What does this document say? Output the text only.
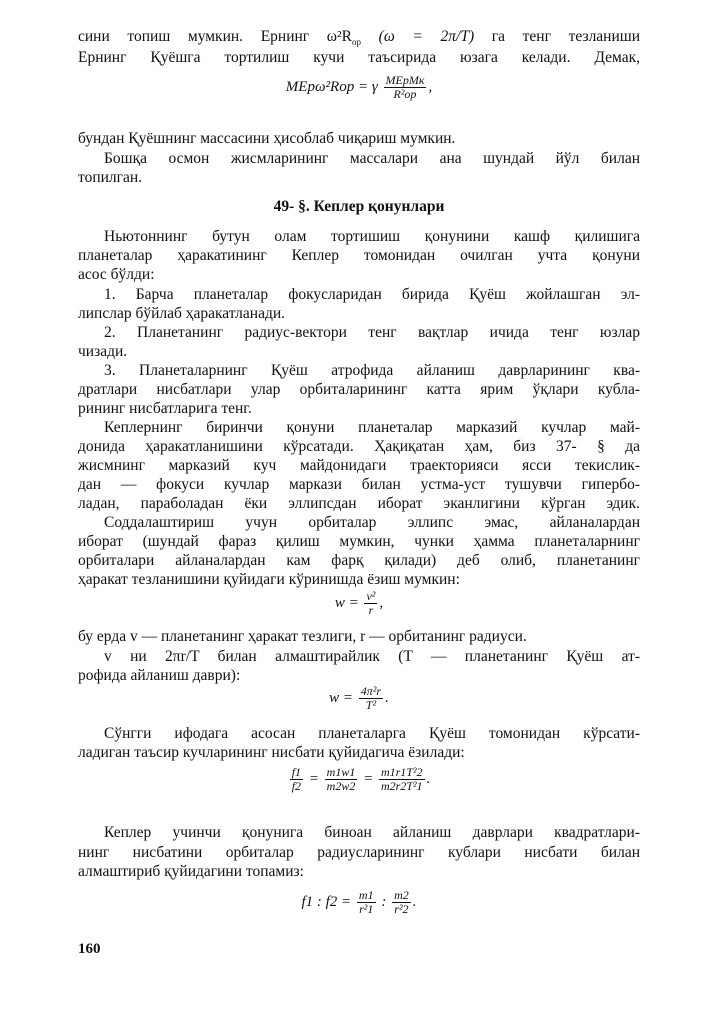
сини топиш мумкин. Ернинг $\omega^2R_{ор}$ (ω = 2π/T) га тенг тезланиши
Ернинг Қуёшга тортилиш кучи таъсирида юзага келади. Демак,
MЕрω²Rор = γ $\frac{\text{MЕрMк}}{\text{R²ор}}$ ,
бундан Қуёшнинг массасини ҳисоблаб чиқариш мумкин.
Бошқа осмон жисмларининг массалари ана шундай йўл билан
топилган.
49- §. Кеплер қонунлари
Ньютоннинг бутун олам тортишиш қонунини кашф қилишига
планеталар ҳаракатининг Кеплер томонидан очилган учта қонуни
асос бўлди:
1. Барча планеталар фокусларидан бирида Қуёш жойлашган эл-
липслар бўйлаб ҳаракатланади.
2. Планетанинг радиус-вектори тенг вақтлар ичида тенг юзлар
чизади.
3. Планеталарнинг Қуёш атрофида айланиш даврларининг ква-
дратлари нисбатлари улар орбиталарининг катта ярим ўқлари кубла-
рининг нисбатларига тенг.
Кеплернинг биринчи қонуни планеталар марказий кучлар май-
донида ҳаракатланишини кўрсатади. Ҳақиқатан ҳам, биз 37- § да
жисмнинг марказий куч майдонидаги траекторияси ясси текислик-
дан — фокуси кучлар маркази билан устма-уст тушувчи гипербо-
ладан, параболадан ёки эллипсдан иборат эканлигини кўрган эдик.
Соддалаштириш учун орбиталар эллипс эмас, айланалардан
иборат (шундай фараз қилиш мумкин, чунки ҳамма планеталарнинг
орбиталари айланалардан кам фарқ қилади) деб олиб, планетанинг
ҳаракат тезланишини қуйидаги кўринишда ёзиш мумкин:
$w = \frac{\text{v²}}{r}$ ,
бу ерда v — планетанинг ҳаракат тезлиги, r — орбитанинг радиуси.
v ни 2πr/T билан алмаштирайлик (T — планетанинг Қуёш ат-
рофида айланиш даври):
$w = \frac{\text{4π²r}}{\text{T²}}$ .
Сўнгги ифодага асосан планеталарга Қуёш томонидан кўрсати-
ладиган таъсир кучларининг нисбати қуйидагича ёзилади:
$\frac{f1}{f2} = \frac{m1w1}{m2w2} = \frac{\text{m1r1T²2}}{\text{m2r2T²1}}$ .
Кеплер учинчи қонунига биноан айланиш даврлари квадратлари-
нинг нисбатини орбиталар радиусларининг кублари нисбати билан
алмаштириб қуйидагини топамиз:
f1 : $f2 = \frac{m1}{\text{r²1}}$ : $\frac{m2}{\text{r²2}}$ .
160
